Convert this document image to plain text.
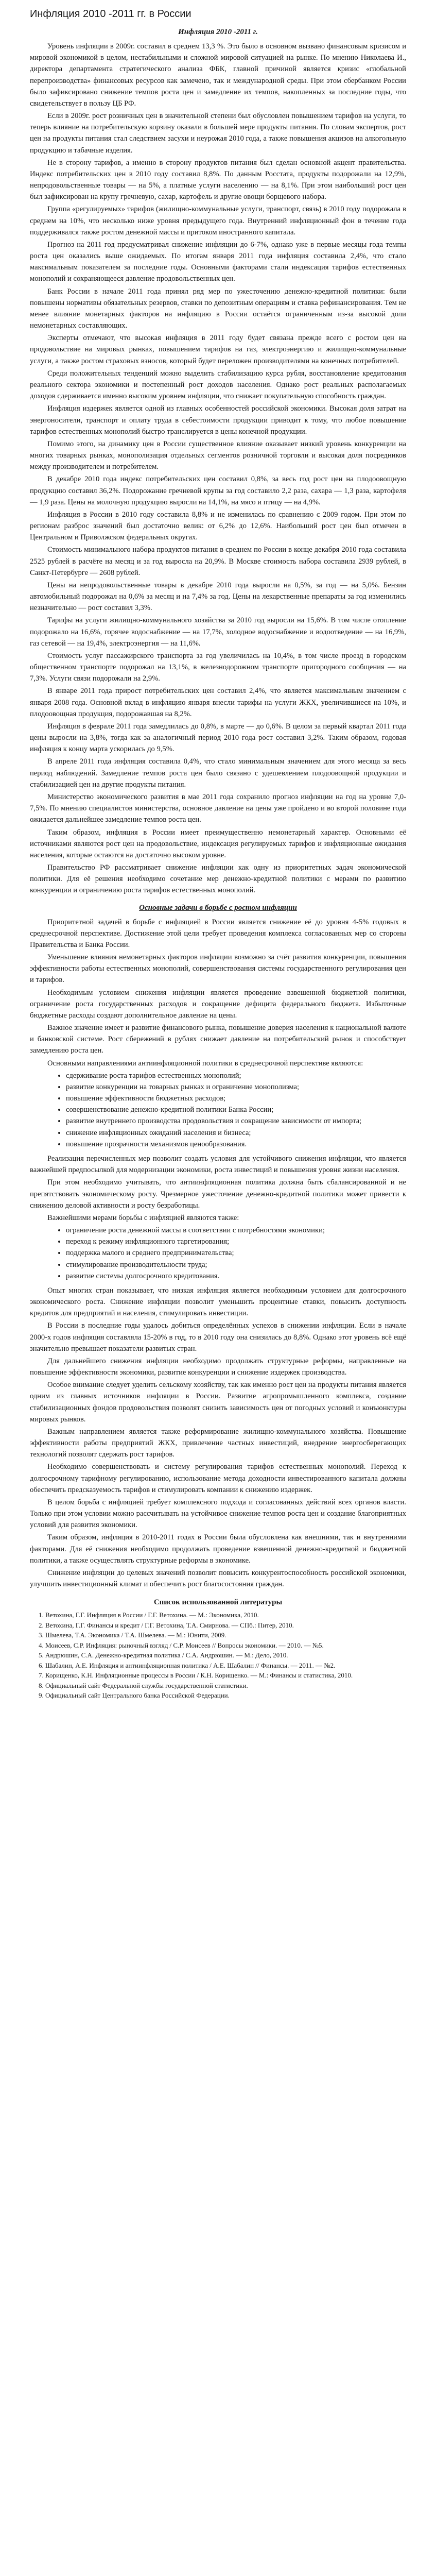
Инфляция 2010 -2011 гг. в России
Инфляция 2010 -2011 г.

Уровень инфляции в 2009г. составил в среднем 13,3 %. Это было в основном вызвано финансовым кризисом и мировой экономикой в целом, нестабильными и сложной мировой ситуацией на рынке. По мнению Николаева И., директора департамента стратегического анализа ФБК, главной причиной является кризис «глобальной перепроизводства» финансовых ресурсов как замечено, так и международной среды. При этом сбербанком России было зафиксировано снижение темпов роста цен и замедление их темпов, накопленных за последние годы, что свидетельствует в пользу ЦБ РФ.

Если в 2009г. рост розничных цен в значительной степени был обусловлен повышением тарифов на услуги, то теперь влияние на потребительскую корзину оказали в большей мере продукты питания. По словам экспертов, рост цен на продукты питания стал следствием засухи и неурожая 2010 года, а также повышения акцизов на алкогольную продукцию и табачные изделия.

Не в сторону тарифов, а именно в сторону продуктов питания был сделан основной акцент правительства. Индекс потребительских цен в 2010 году составил 8,8%. По данным Росстата, продукты подорожали на 12,9%, непродовольственные товары — на 5%, а платные услуги населению — на 8,1%. При этом наибольший рост цен был зафиксирован на крупу гречневую, сахар, картофель и другие овощи борщевого набора.

Группа «регулируемых» тарифов (жилищно-коммунальные услуги, транспорт, связь) в 2010 году подорожала в среднем на 10%, что несколько ниже уровня предыдущего года. Внутренний инфляционный фон в течение года поддерживался также ростом денежной массы и притоком иностранного капитала.

Прогноз на 2011 год предусматривал снижение инфляции до 6-7%, однако уже в первые месяцы года темпы роста цен оказались выше ожидаемых. По итогам января 2011 года инфляция составила 2,4%, что стало максимальным показателем за последние годы. Основными факторами стали индексация тарифов естественных монополий и сохраняющееся давление продовольственных цен.

Банк России в начале 2011 года принял ряд мер по ужесточению денежно-кредитной политики: были повышены нормативы обязательных резервов, ставки по депозитным операциям и ставка рефинансирования. Тем не менее влияние монетарных факторов на инфляцию в России остаётся ограниченным из-за высокой доли немонетарных составляющих.

Эксперты отмечают, что высокая инфляция в 2011 году будет связана прежде всего с ростом цен на продовольствие на мировых рынках, повышением тарифов на газ, электроэнергию и жилищно-коммунальные услуги, а также ростом страховых взносов, который будет переложен производителями на конечных потребителей.

Среди положительных тенденций можно выделить стабилизацию курса рубля, восстановление кредитования реального сектора экономики и постепенный рост доходов населения. Однако рост реальных располагаемых доходов сдерживается именно высоким уровнем инфляции, что снижает покупательную способность граждан.

Инфляция издержек является одной из главных особенностей российской экономики. Высокая доля затрат на энергоносители, транспорт и оплату труда в себестоимости продукции приводит к тому, что любое повышение тарифов естественных монополий быстро транслируется в цены конечной продукции.

Помимо этого, на динамику цен в России существенное влияние оказывает низкий уровень конкуренции на многих товарных рынках, монополизация отдельных сегментов розничной торговли и высокая доля посредников между производителем и потребителем.

В декабре 2010 года индекс потребительских цен составил 0,8%, за весь год рост цен на плодоовощную продукцию составил 36,2%. Подорожание гречневой крупы за год составило 2,2 раза, сахара — 1,3 раза, картофеля — 1,9 раза. Цены на молочную продукцию выросли на 14,1%, на мясо и птицу — на 4,9%.

Инфляция в России в 2010 году составила 8,8% и не изменилась по сравнению с 2009 годом. При этом по регионам разброс значений был достаточно велик: от 6,2% до 12,6%. Наибольший рост цен был отмечен в Центральном и Приволжском федеральных округах.

Стоимость минимального набора продуктов питания в среднем по России в конце декабря 2010 года составила 2525 рублей в расчёте на месяц и за год выросла на 20,9%. В Москве стоимость набора составила 2939 рублей, в Санкт-Петербурге — 2608 рублей.

Цены на непродовольственные товары в декабре 2010 года выросли на 0,5%, за год — на 5,0%. Бензин автомобильный подорожал на 0,6% за месяц и на 7,4% за год. Цены на лекарственные препараты за год изменились незначительно — рост составил 3,3%.

Тарифы на услуги жилищно-коммунального хозяйства за 2010 год выросли на 15,6%. В том числе отопление подорожало на 16,6%, горячее водоснабжение — на 17,7%, холодное водоснабжение и водоотведение — на 16,9%, газ сетевой — на 19,4%, электроэнергия — на 11,6%.

Стоимость услуг пассажирского транспорта за год увеличилась на 10,4%, в том числе проезд в городском общественном транспорте подорожал на 13,1%, в железнодорожном транспорте пригородного сообщения — на 7,3%. Услуги связи подорожали на 2,9%.

В январе 2011 года прирост потребительских цен составил 2,4%, что является максимальным значением с января 2008 года. Основной вклад в инфляцию января внесли тарифы на услуги ЖКХ, увеличившиеся на 10%, и плодоовощная продукция, подорожавшая на 8,2%.

Инфляция в феврале 2011 года замедлилась до 0,8%, в марте — до 0,6%. В целом за первый квартал 2011 года цены выросли на 3,8%, тогда как за аналогичный период 2010 года рост составил 3,2%. Таким образом, годовая инфляция к концу марта ускорилась до 9,5%.

В апреле 2011 года инфляция составила 0,4%, что стало минимальным значением для этого месяца за весь период наблюдений. Замедление темпов роста цен было связано с удешевлением плодоовощной продукции и стабилизацией цен на другие продукты питания.

Министерство экономического развития в мае 2011 года сохранило прогноз инфляции на год на уровне 7,0-7,5%. По мнению специалистов министерства, основное давление на цены уже пройдено и во второй половине года ожидается дальнейшее замедление темпов роста цен.

Таким образом, инфляция в России имеет преимущественно немонетарный характер. Основными её источниками являются рост цен на продовольствие, индексация регулируемых тарифов и инфляционные ожидания населения, которые остаются на достаточно высоком уровне.

Правительство РФ рассматривает снижение инфляции как одну из приоритетных задач экономической политики. Для её решения необходимо сочетание мер денежно-кредитной политики с мерами по развитию конкуренции и ограничению роста тарифов естественных монополий.

Основные задачи в борьбе с ростом инфляции

Приоритетной задачей в борьбе с инфляцией в России является снижение её до уровня 4-5% годовых в среднесрочной перспективе. Достижение этой цели требует проведения комплекса согласованных мер со стороны Правительства и Банка России.

Уменьшение влияния немонетарных факторов инфляции возможно за счёт развития конкуренции, повышения эффективности работы естественных монополий, совершенствования системы государственного регулирования цен и тарифов.

Необходимым условием снижения инфляции является проведение взвешенной бюджетной политики, ограничение роста государственных расходов и сокращение дефицита федерального бюджета. Избыточные бюджетные расходы создают дополнительное давление на цены.

Важное значение имеет и развитие финансового рынка, повышение доверия населения к национальной валюте и банковской системе. Рост сбережений в рублях снижает давление на потребительский рынок и способствует замедлению роста цен.

Основными направлениями антиинфляционной политики в среднесрочной перспективе являются:

• сдерживание роста тарифов естественных монополий;
• развитие конкуренции на товарных рынках и ограничение монополизма;
• повышение эффективности бюджетных расходов;
• совершенствование денежно-кредитной политики Банка России;
• развитие внутреннего производства продовольствия и сокращение зависимости от импорта;
• снижение инфляционных ожиданий населения и бизнеса;
• повышение прозрачности механизмов ценообразования.

Реализация перечисленных мер позволит создать условия для устойчивого снижения инфляции, что является важнейшей предпосылкой для модернизации экономики, роста инвестиций и повышения уровня жизни населения.

При этом необходимо учитывать, что антиинфляционная политика должна быть сбалансированной и не препятствовать экономическому росту. Чрезмерное ужесточение денежно-кредитной политики может привести к снижению деловой активности и росту безработицы.

Важнейшими мерами борьбы с инфляцией являются также:

• ограничение роста денежной массы в соответствии с потребностями экономики;
• переход к режиму инфляционного таргетирования;
• поддержка малого и среднего предпринимательства;
• стимулирование производительности труда;
• развитие системы долгосрочного кредитования.

Опыт многих стран показывает, что низкая инфляция является необходимым условием для долгосрочного экономического роста. Снижение инфляции позволит уменьшить процентные ставки, повысить доступность кредитов для предприятий и населения, стимулировать инвестиции.

В России в последние годы удалось добиться определённых успехов в снижении инфляции. Если в начале 2000-х годов инфляция составляла 15-20% в год, то в 2010 году она снизилась до 8,8%. Однако этот уровень всё ещё значительно превышает показатели развитых стран.

Для дальнейшего снижения инфляции необходимо продолжать структурные реформы, направленные на повышение эффективности экономики, развитие конкуренции и снижение издержек производства.

Особое внимание следует уделить сельскому хозяйству, так как именно рост цен на продукты питания является одним из главных источников инфляции в России. Развитие агропромышленного комплекса, создание стабилизационных фондов продовольствия позволят снизить зависимость цен от погодных условий и конъюнктуры мировых рынков.

Важным направлением является также реформирование жилищно-коммунального хозяйства. Повышение эффективности работы предприятий ЖКХ, привлечение частных инвестиций, внедрение энергосберегающих технологий позволят сдержать рост тарифов.

Необходимо совершенствовать и систему регулирования тарифов естественных монополий. Переход к долгосрочному тарифному регулированию, использование метода доходности инвестированного капитала должны обеспечить предсказуемость тарифов и стимулировать компании к снижению издержек.

В целом борьба с инфляцией требует комплексного подхода и согласованных действий всех органов власти. Только при этом условии можно рассчитывать на устойчивое снижение темпов роста цен и создание благоприятных условий для развития экономики.

Таким образом, инфляция в 2010-2011 годах в России была обусловлена как внешними, так и внутренними факторами. Для её снижения необходимо продолжать проведение взвешенной денежно-кредитной и бюджетной политики, а также осуществлять структурные реформы в экономике.

Снижение инфляции до целевых значений позволит повысить конкурентоспособность российской экономики, улучшить инвестиционный климат и обеспечить рост благосостояния граждан.

Список использованной литературы
1. Ветохина, Г.Г. Инфляция в России / Г.Г. Ветохина. — М.: Экономика, 2010.
2. Ветохина, Г.Г. Финансы и кредит / Г.Г. Ветохина, Т.А. Смирнова. — СПб.: Питер, 2010.
3. Шмелева, Т.А. Экономика / Т.А. Шмелева. — М.: Юнити, 2009.
4. Моисеев, С.Р. Инфляция: рыночный взгляд / С.Р. Моисеев // Вопросы экономики. — 2010. — №5.
5. Андрюшин, С.А. Денежно-кредитная политика / С.А. Андрюшин. — М.: Дело, 2010.
6. Шабалин, А.Е. Инфляция и антиинфляционная политика / А.Е. Шабалин // Финансы. — 2011. — №2.
7. Корищенко, К.Н. Инфляционные процессы в России / К.Н. Корищенко. — М.: Финансы и статистика, 2010.
8. Официальный сайт Федеральной службы государственной статистики.
9. Официальный сайт Центрального банка Российской Федерации.
